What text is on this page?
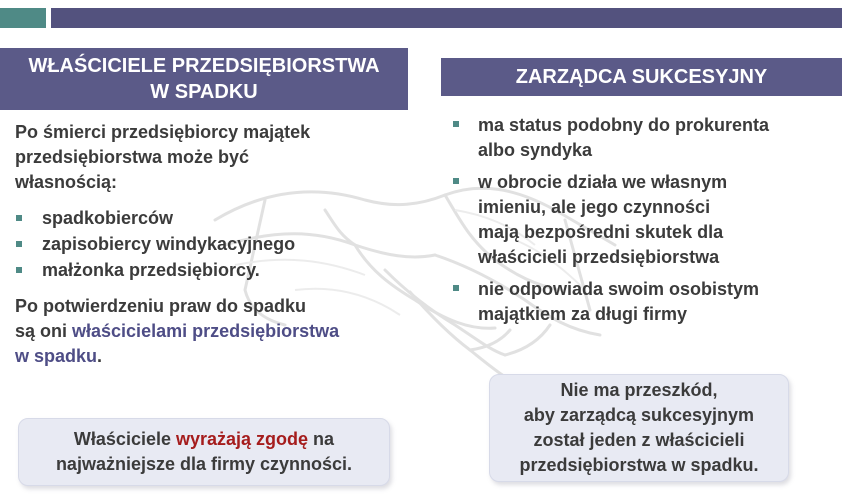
WŁAŚCICIELE PRZEDSIĘBIORSTWA
W SPADKU
ZARZĄDCA SUKCESYJNY
Po śmierci przedsiębiorcy majątek
przedsiębiorstwa może być
własnością:
spadkobierców
zapisobiercy windykacyjnego
małżonka przedsiębiorcy.
Po potwierdzeniu praw do spadku
są oni właścicielami przedsiębiorstwa
w spadku.
ma status podobny do prokurenta
albo syndyka
w obrocie działa we własnym
imieniu, ale jego czynności
mają bezpośredni skutek dla
właścicieli przedsiębiorstwa
nie odpowiada swoim osobistym
majątkiem za długi firmy
Właściciele wyrażają zgodę na
najważniejsze dla firmy czynności.
Nie ma przeszkód,
aby zarządcą sukcesyjnym
został jeden z właścicieli
przedsiębiorstwa w spadku.
